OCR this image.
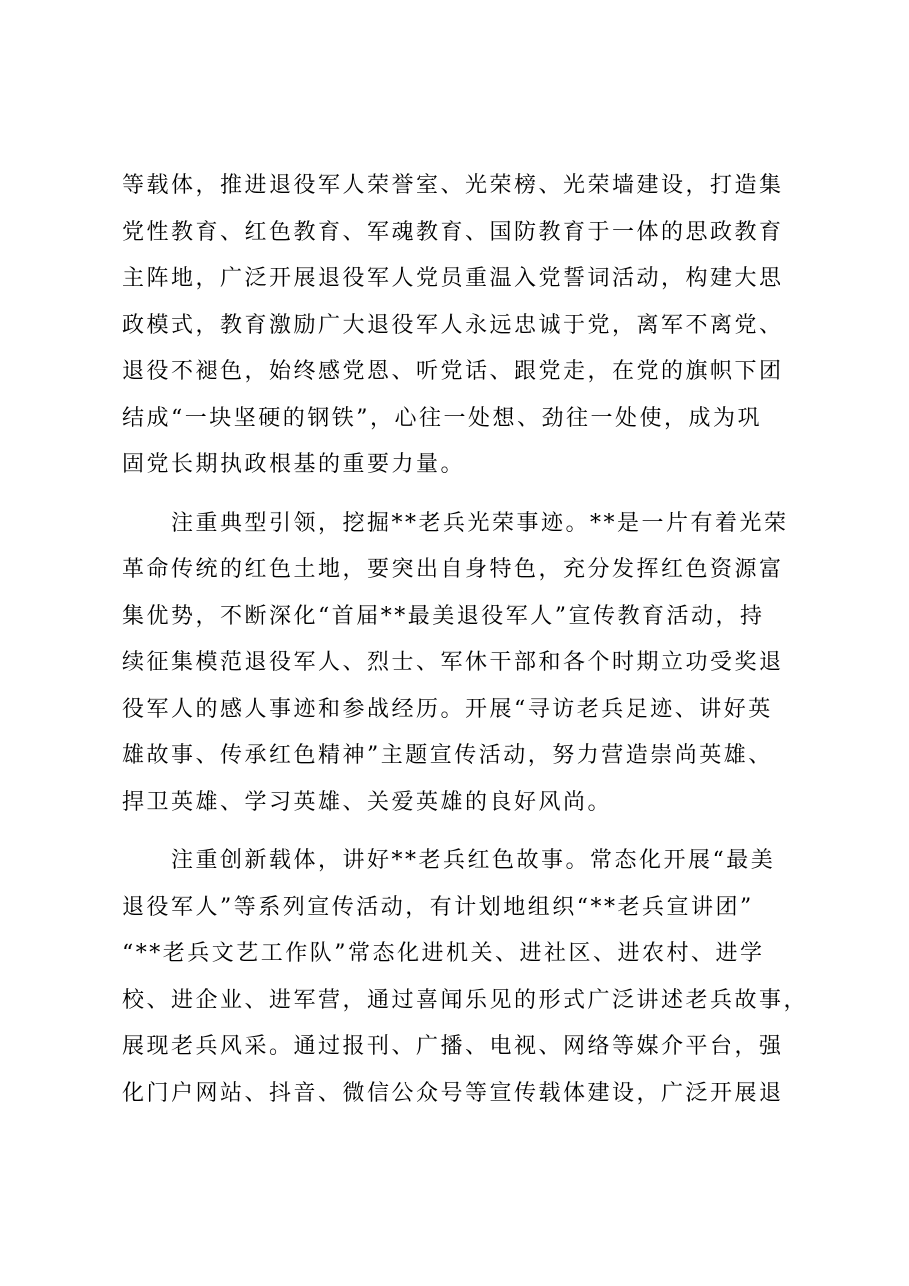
等载体，推进退役军人荣誉室、光荣榜、光荣墙建设，打造集
党性教育、红色教育、军魂教育、国防教育于一体的思政教育
主阵地，广泛开展退役军人党员重温入党誓词活动，构建大思
政模式，教育激励广大退役军人永远忠诚于党，离军不离党、
退役不褪色，始终感党恩、听党话、跟党走，在党的旗帜下团
结成“一块坚硬的钢铁”，心往一处想、劲往一处使，成为巩
固党长期执政根基的重要力量。
　　注重典型引领，挖掘**老兵光荣事迹。**是一片有着光荣
革命传统的红色土地，要突出自身特色，充分发挥红色资源富
集优势，不断深化“首届**最美退役军人”宣传教育活动，持
续征集模范退役军人、烈士、军休干部和各个时期立功受奖退
役军人的感人事迹和参战经历。开展“寻访老兵足迹、讲好英
雄故事、传承红色精神”主题宣传活动，努力营造崇尚英雄、
捍卫英雄、学习英雄、关爱英雄的良好风尚。
　　注重创新载体，讲好**老兵红色故事。常态化开展“最美
退役军人”等系列宣传活动，有计划地组织“**老兵宣讲团”
“**老兵文艺工作队”常态化进机关、进社区、进农村、进学
校、进企业、进军营，通过喜闻乐见的形式广泛讲述老兵故事，
展现老兵风采。通过报刊、广播、电视、网络等媒介平台，强
化门户网站、抖音、微信公众号等宣传载体建设，广泛开展退
